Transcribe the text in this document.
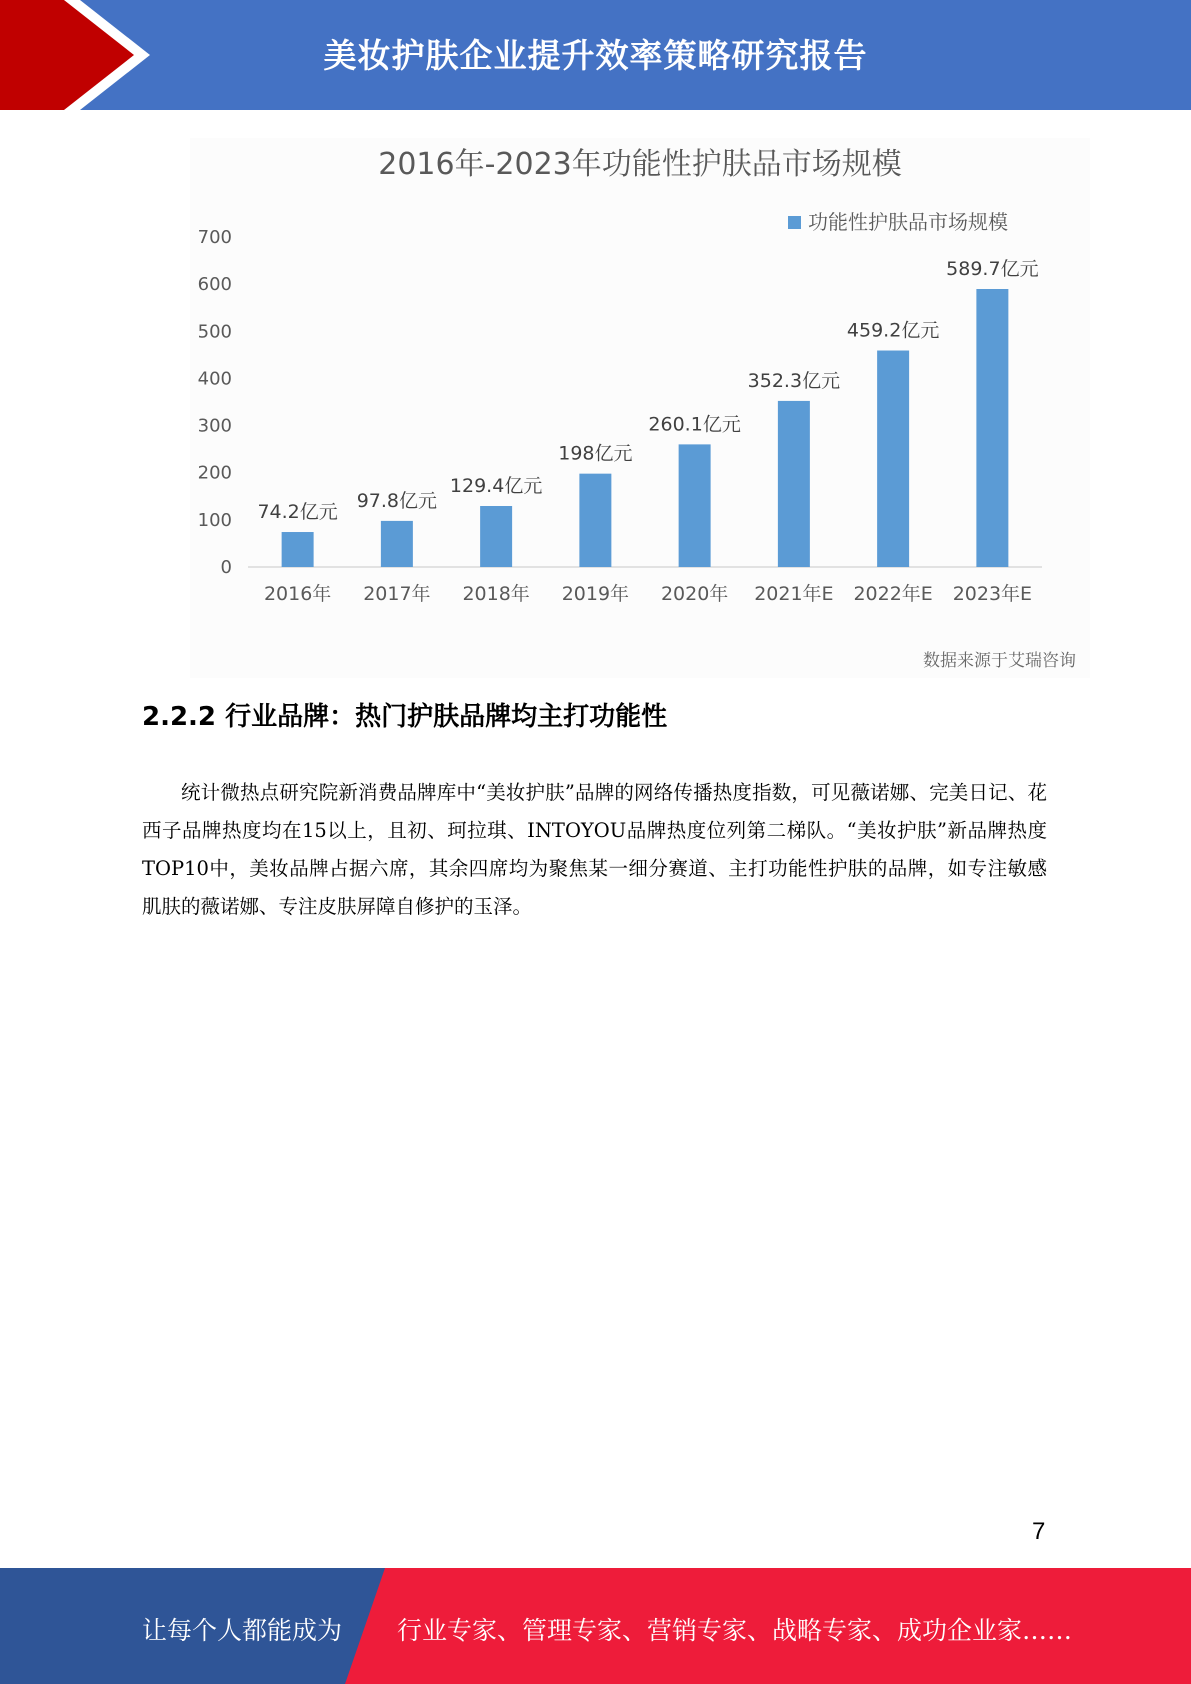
美妆护肤企业提升效率策略研究报告
2016年-2023年功能性护肤品市场规模
0
100
200
300
400
500
600
700
功能性护肤品市场规模
74.2亿元
2016年
97.8亿元
2017年
129.4亿元
2018年
198亿元
2019年
260.1亿元
2020年
352.3亿元
2021年E
459.2亿元
2022年E
589.7亿元
2023年E
数据来源于艾瑞咨询
2.2.2 行业品牌：热门护肤品牌均主打功能性
统计微热点研究院新消费品牌库中“美妆护肤”品牌的网络传播热度指数，可见薇诺娜、完美日记、花西子品牌热度均在15以上，且初、珂拉琪、INTOYOU品牌热度位列第二梯队。“美妆护肤”新品牌热度TOP10中，美妆品牌占据六席，其余四席均为聚焦某一细分赛道、主打功能性护肤的品牌，如专注敏感肌肤的薇诺娜、专注皮肤屏障自修护的玉泽。
7
让每个人都能成为 行业专家、管理专家、营销专家、战略专家、成功企业家……
